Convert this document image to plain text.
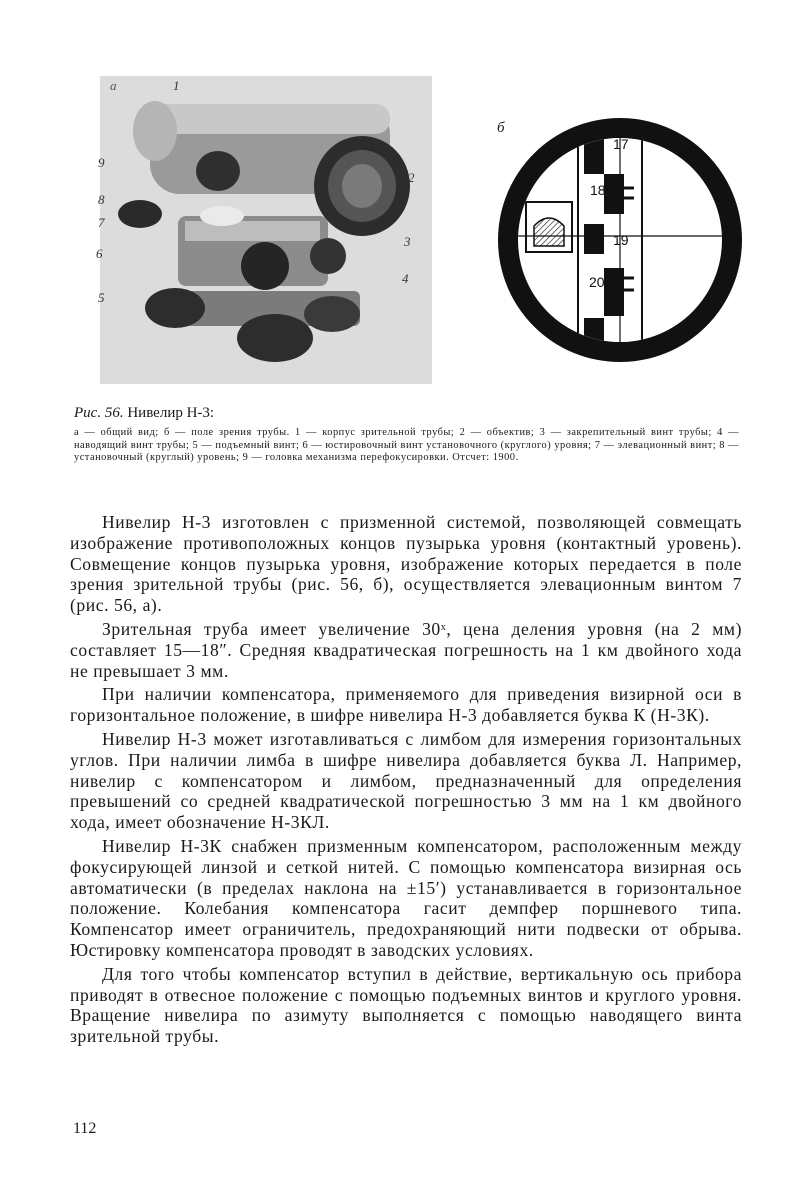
а	1
2
3
4
5
6
7
8
9
б
17
18
19
20
Рис. 56. Нивелир Н-3:
а — общий вид; б — поле зрения трубы. 1 — корпус зрительной трубы; 2 — объектив; 3 — закрепительный винт трубы; 4 — наводящий винт трубы; 5 — подъемный винт; 6 — юстировочный винт установочного (круглого) уровня; 7 — элевационный винт; 8 — установочный (круглый) уровень; 9 — головка механизма перефокусировки. Отсчет: 1900.

Нивелир Н-3 изготовлен с призменной системой, позволяющей совмещать изображение противоположных концов пузырька уровня (контактный уровень). Совмещение концов пузырька уровня, изображение которых передается в поле зрения зрительной трубы (рис. 56, б), осуществляется элевационным винтом 7 (рис. 56, а).

Зрительная труба имеет увеличение 30ˣ, цена деления уровня (на 2 мм) составляет 15—18″. Средняя квадратическая погрешность на 1 км двойного хода не превышает 3 мм.

При наличии компенсатора, применяемого для приведения визирной оси в горизонтальное положение, в шифре нивелира Н-3 добавляется буква К (Н-3К).

Нивелир Н-3 может изготавливаться с лимбом для измерения горизонтальных углов. При наличии лимба в шифре нивелира добавляется буква Л. Например, нивелир с компенсатором и лимбом, предназначенный для определения превышений со средней квадратической погрешностью 3 мм на 1 км двойного хода, имеет обозначение Н-3КЛ.

Нивелир Н-3К снабжен призменным компенсатором, расположенным между фокусирующей линзой и сеткой нитей. С помощью компенсатора визирная ось автоматически (в пределах наклона на ±15′) устанавливается в горизонтальное положение. Колебания компенсатора гасит демпфер поршневого типа. Компенсатор имеет ограничитель, предохраняющий нити подвески от обрыва. Юстировку компенсатора проводят в заводских условиях.

Для того чтобы компенсатор вступил в действие, вертикальную ось прибора приводят в отвесное положение с помощью подъемных винтов и круглого уровня. Вращение нивелира по азимуту выполняется с помощью наводящего винта зрительной трубы.

112
